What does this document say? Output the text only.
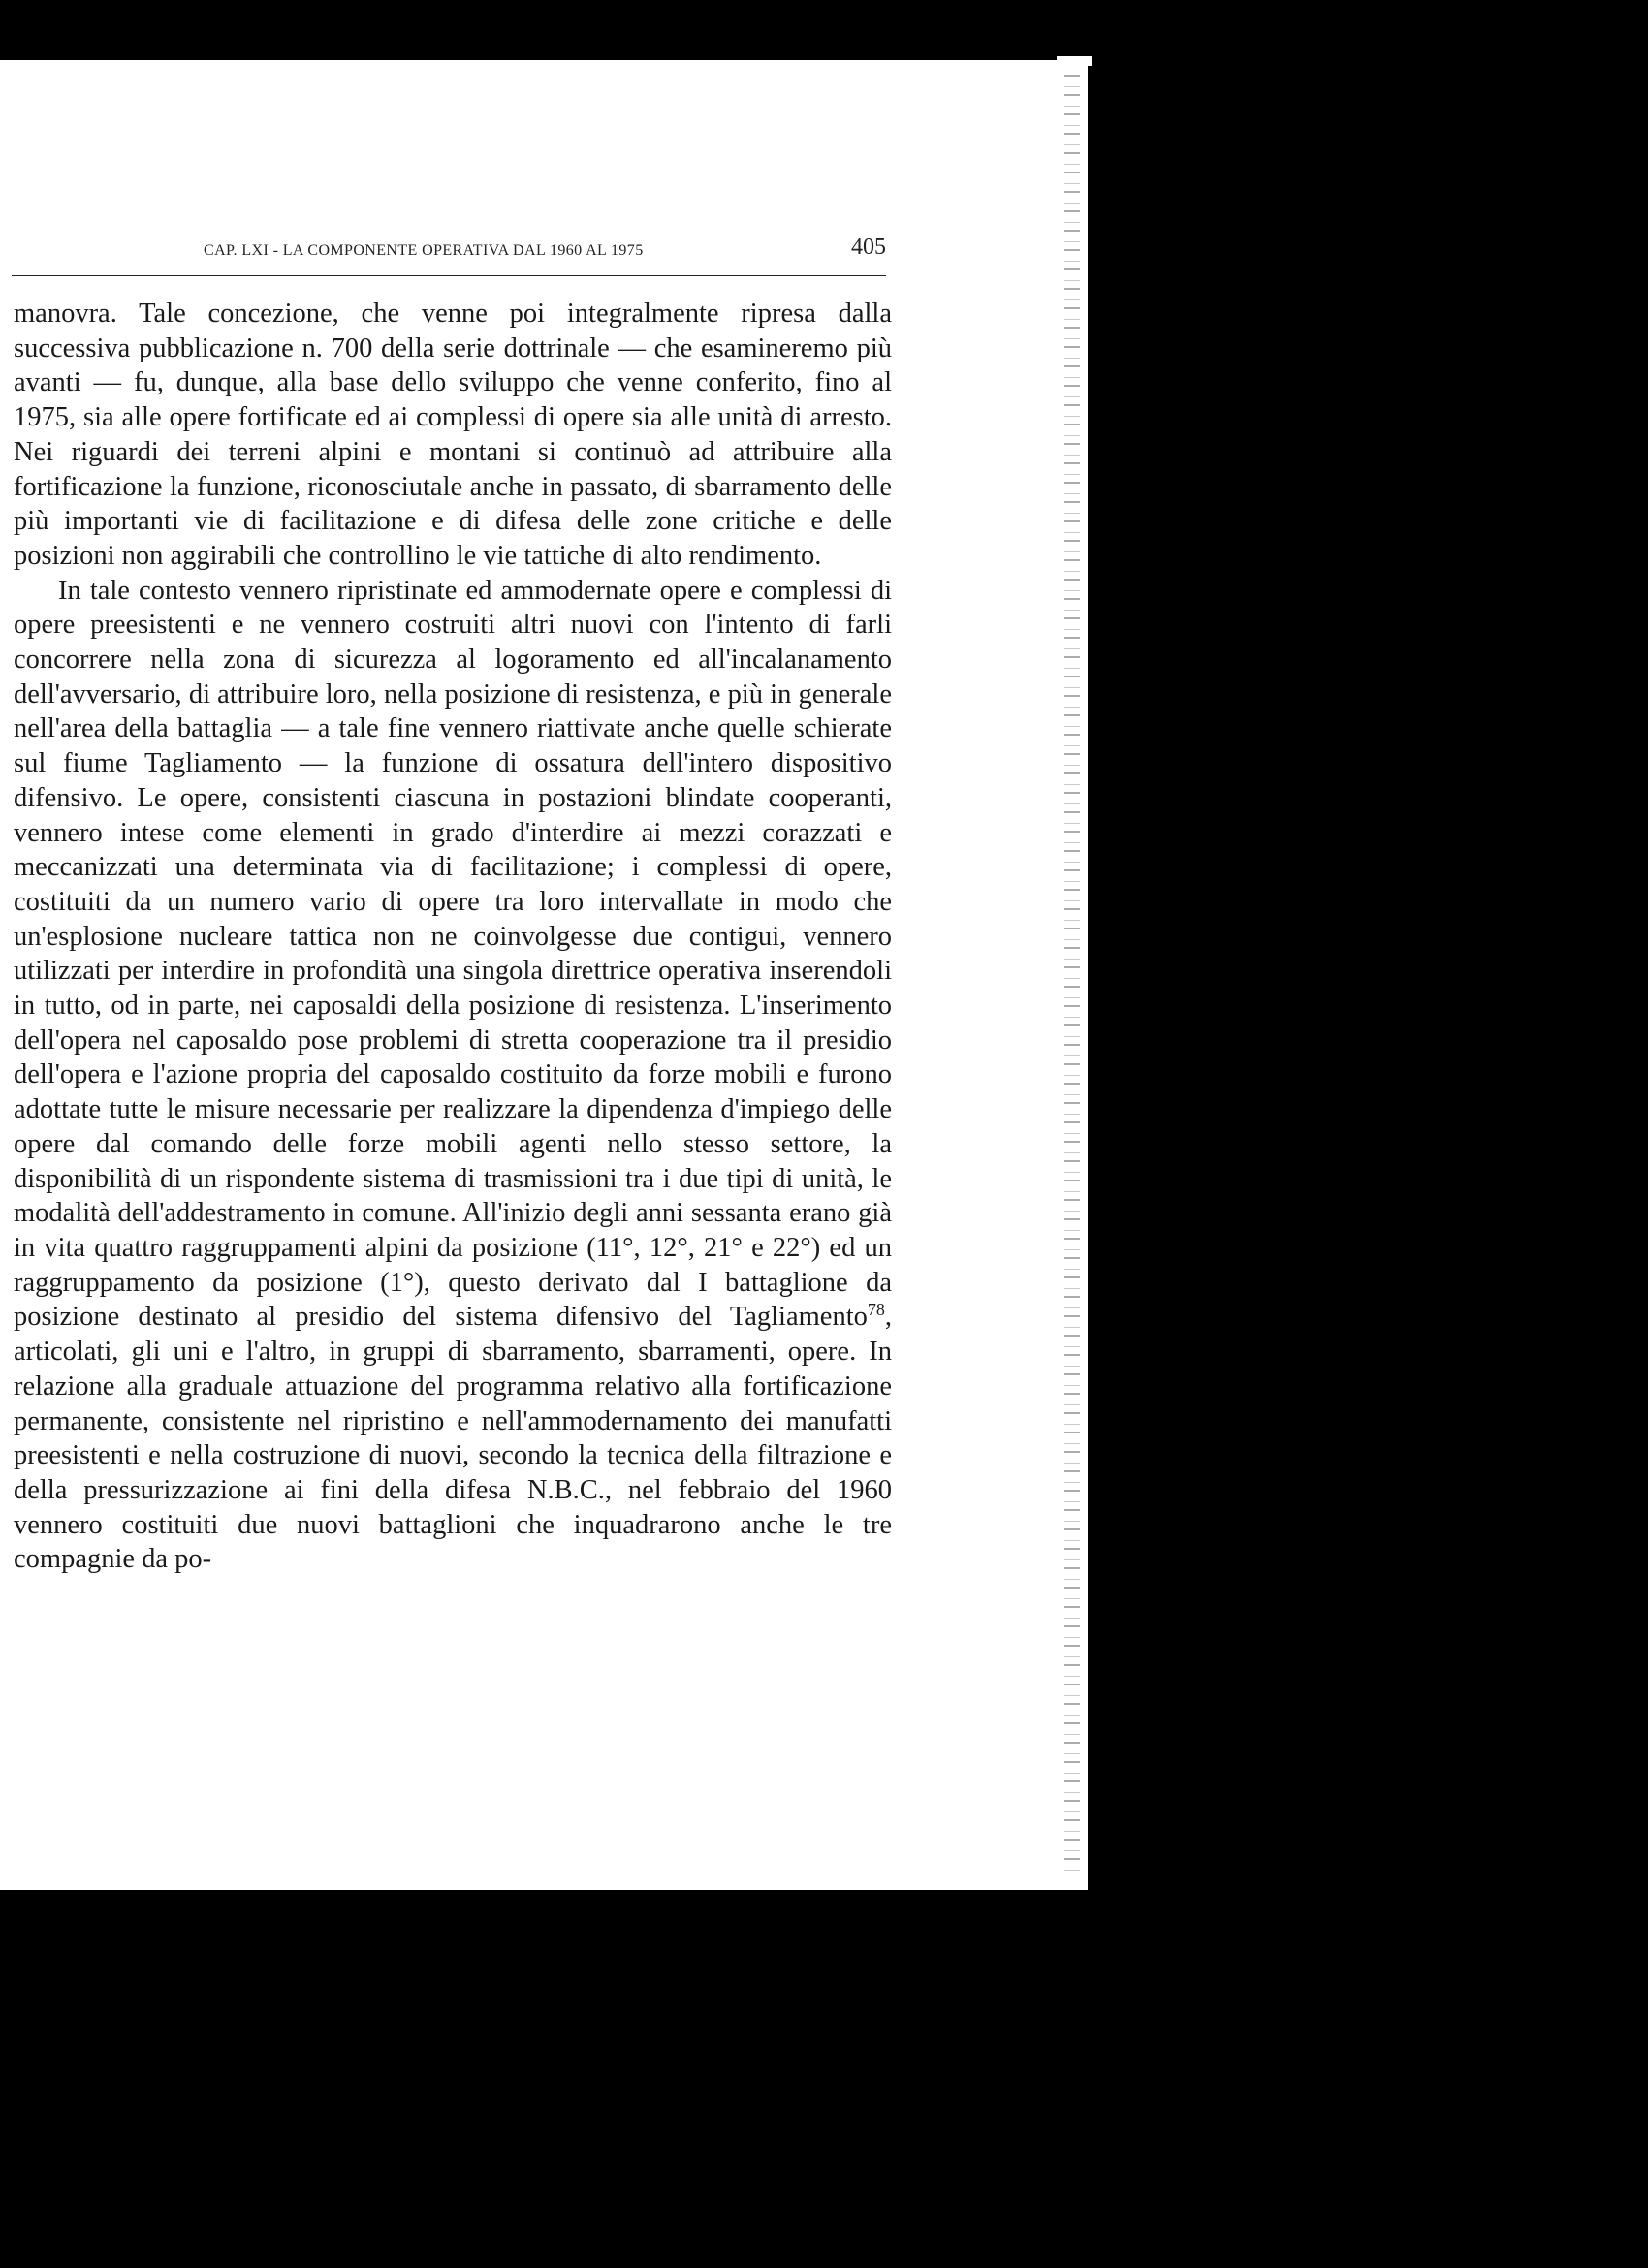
CAP. LXI - LA COMPONENTE OPERATIVA DAL 1960 AL 1975	405

manovra. Tale concezione, che venne poi integralmente ripresa dalla successiva pubblicazione n. 700 della serie dottrinale — che esamineremo più avanti — fu, dunque, alla base dello sviluppo che venne conferito, fino al 1975, sia alle opere fortificate ed ai complessi di opere sia alle unità di arresto. Nei riguardi dei terreni alpini e montani si continuò ad attribuire alla fortificazione la funzione, riconosciutale anche in passato, di sbarramento delle più importanti vie di facilitazione e di difesa delle zone critiche e delle posizioni non aggirabili che controllino le vie tattiche di alto rendimento.

In tale contesto vennero ripristinate ed ammodernate opere e complessi di opere preesistenti e ne vennero costruiti altri nuovi con l'intento di farli concorrere nella zona di sicurezza al logoramento ed all'incalanamento dell'avversario, di attribuire loro, nella posizione di resistenza, e più in generale nell'area della battaglia — a tale fine vennero riattivate anche quelle schierate sul fiume Tagliamento — la funzione di ossatura dell'intero dispositivo difensivo. Le opere, consistenti ciascuna in postazioni blindate cooperanti, vennero intese come elementi in grado d'interdire ai mezzi corazzati e meccanizzati una determinata via di facilitazione; i complessi di opere, costituiti da un numero vario di opere tra loro intervallate in modo che un'esplosione nucleare tattica non ne coinvolgesse due contigui, vennero utilizzati per interdire in profondità una singola direttrice operativa inserendoli in tutto, od in parte, nei caposaldi della posizione di resistenza. L'inserimento dell'opera nel caposaldo pose problemi di stretta cooperazione tra il presidio dell'opera e l'azione propria del caposaldo costituito da forze mobili e furono adottate tutte le misure necessarie per realizzare la dipendenza d'impiego delle opere dal comando delle forze mobili agenti nello stesso settore, la disponibilità di un rispondente sistema di trasmissioni tra i due tipi di unità, le modalità dell'addestramento in comune. All'inizio degli anni sessanta erano già in vita quattro raggruppamenti alpini da posizione (11°, 12°, 21° e 22°) ed un raggruppamento da posizione (1°), questo derivato dal I battaglione da posizione destinato al presidio del sistema difensivo del Tagliamento$^{78}$, articolati, gli uni e l'altro, in gruppi di sbarramento, sbarramenti, opere. In relazione alla graduale attuazione del programma relativo alla fortificazione permanente, consistente nel ripristino e nell'ammodernamento dei manufatti preesistenti e nella costruzione di nuovi, secondo la tecnica della filtrazione e della pressurizzazione ai fini della difesa N.B.C., nel febbraio del 1960 vennero costituiti due nuovi battaglioni che inquadrarono anche le tre compagnie da po-
